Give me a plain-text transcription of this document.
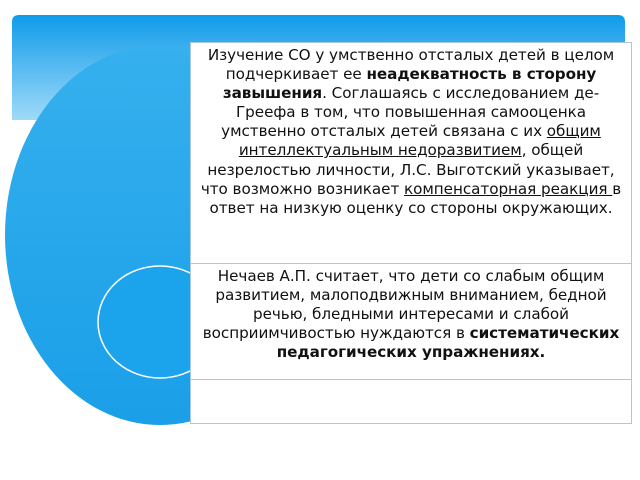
Изучение СО у умственно отсталых детей в целом подчеркивает ее неадекватность в сторону завышения. Соглашаясь с исследованием де-Греефа в том, что повышенная самооценка умственно отсталых детей связана с их общим интеллектуальным недоразвитием, общей незрелостью личности, Л.С. Выготский указывает, что возможно возникает компенсаторная реакция в ответ на низкую оценку со стороны окружающих.
Нечаев А.П. считает, что дети со слабым общим развитием, малоподвижным вниманием, бедной речью, бледными интересами и слабой восприимчивостью нуждаются в систематических педагогических упражнениях.
